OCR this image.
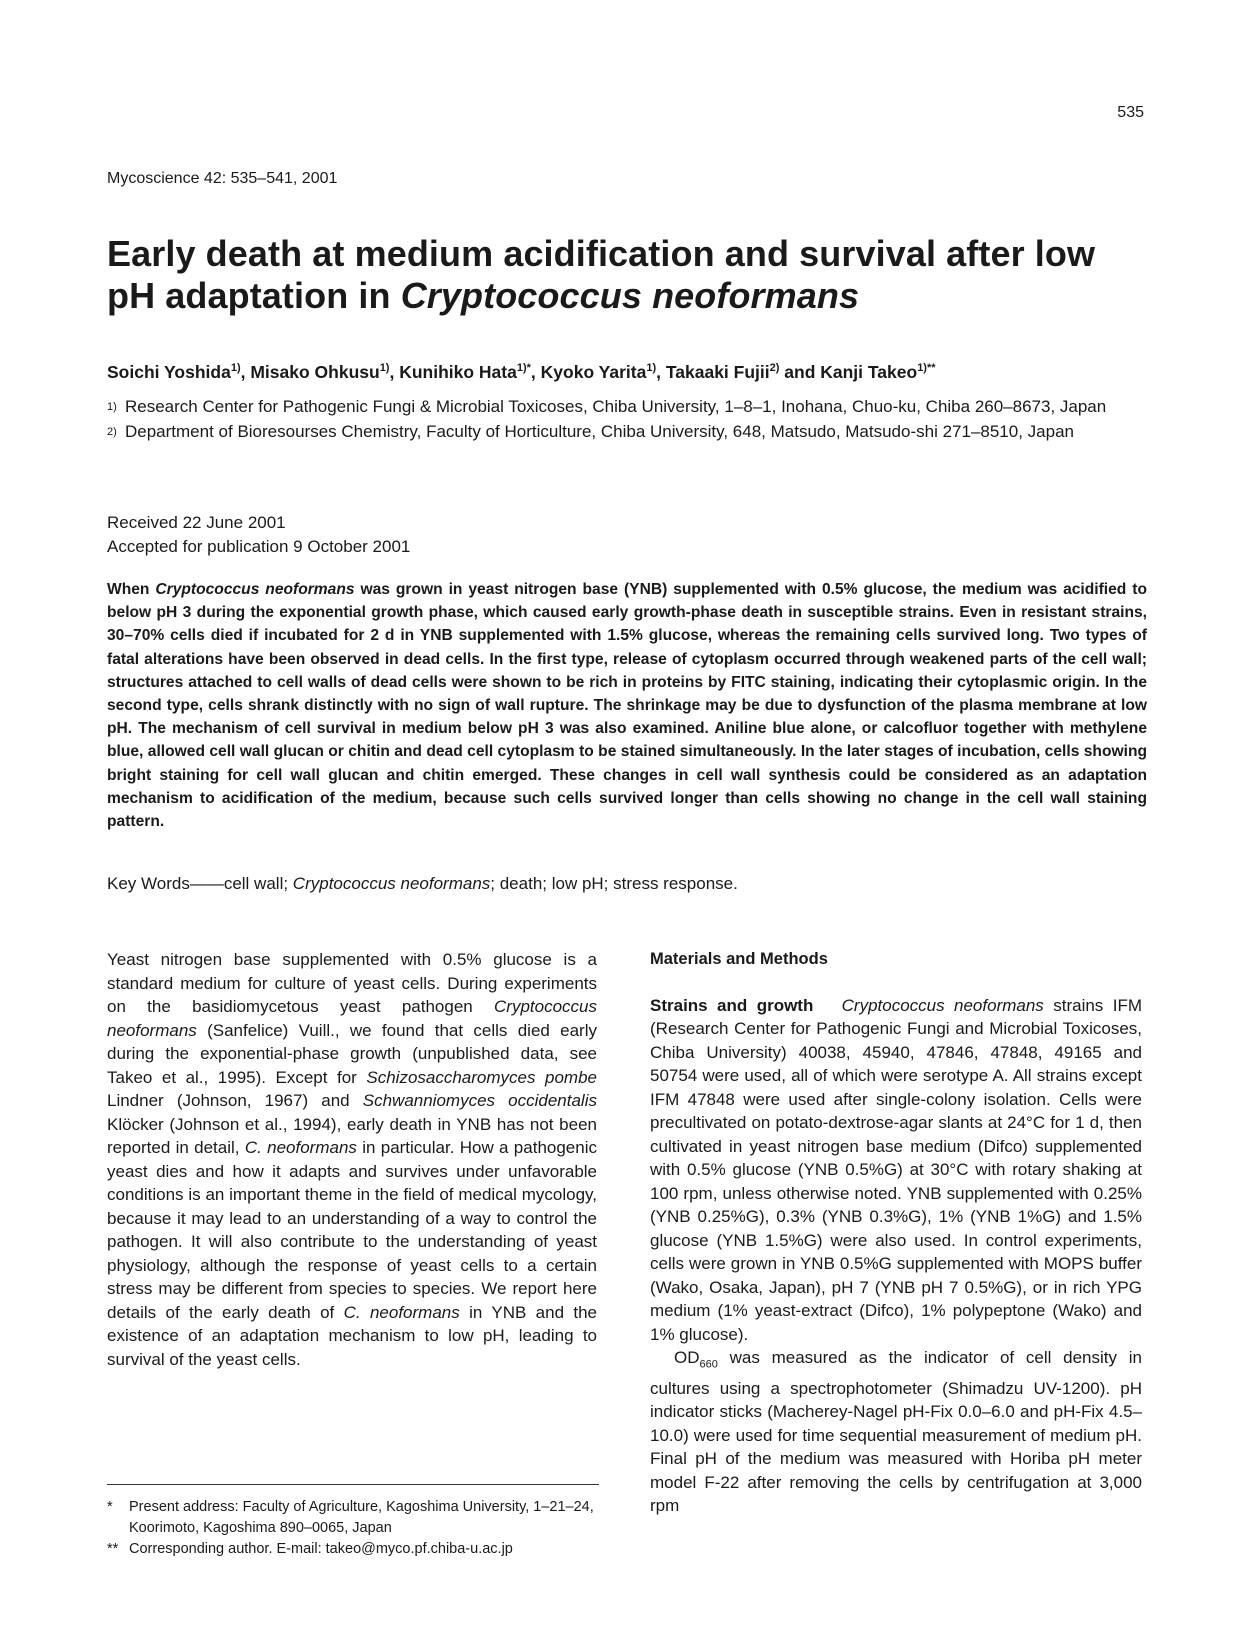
535
Mycoscience 42: 535–541, 2001
Early death at medium acidification and survival after low
pH adaptation in Cryptococcus neoformans
Soichi Yoshida$^{1)}$, Misako Ohkusu$^{1)}$, Kunihiko Hata$^{1)*}$, Kyoko Yarita$^{1)}$, Takaaki Fujii$^{2)}$ and Kanji Takeo$^{1)**}$
1) Research Center for Pathogenic Fungi & Microbial Toxicoses, Chiba University, 1–8–1, Inohana, Chuo-ku, Chiba 260–8673, Japan
2) Department of Bioresourses Chemistry, Faculty of Horticulture, Chiba University, 648, Matsudo, Matsudo-shi 271–8510, Japan
Received 22 June 2001
Accepted for publication 9 October 2001
When Cryptococcus neoformans was grown in yeast nitrogen base (YNB) supplemented with 0.5% glucose, the medium was acidified to below pH 3 during the exponential growth phase, which caused early growth-phase death in susceptible strains. Even in resistant strains, 30–70% cells died if incubated for 2 d in YNB supplemented with 1.5% glucose, whereas the remaining cells survived long. Two types of fatal alterations have been observed in dead cells. In the first type, release of cytoplasm occurred through weakened parts of the cell wall; structures attached to cell walls of dead cells were shown to be rich in proteins by FITC staining, indicating their cytoplasmic origin. In the second type, cells shrank distinctly with no sign of wall rupture. The shrinkage may be due to dysfunction of the plasma membrane at low pH. The mechanism of cell survival in medium below pH 3 was also examined. Aniline blue alone, or calcofluor together with methylene blue, allowed cell wall glucan or chitin and dead cell cytoplasm to be stained simultaneously. In the later stages of incubation, cells showing bright staining for cell wall glucan and chitin emerged. These changes in cell wall synthesis could be considered as an adaptation mechanism to acidification of the medium, because such cells survived longer than cells showing no change in the cell wall staining pattern.
Key Words——cell wall; Cryptococcus neoformans; death; low pH; stress response.
Yeast nitrogen base supplemented with 0.5% glucose is a standard medium for culture of yeast cells. During experiments on the basidiomycetous yeast pathogen Cryptococcus neoformans (Sanfelice) Vuill., we found that cells died early during the exponential-phase growth (unpublished data, see Takeo et al., 1995). Except for Schizosaccharomyces pombe Lindner (Johnson, 1967) and Schwanniomyces occidentalis Klöcker (Johnson et al., 1994), early death in YNB has not been reported in detail, C. neoformans in particular. How a pathogenic yeast dies and how it adapts and survives under unfavorable conditions is an important theme in the field of medical mycology, because it may lead to an understanding of a way to control the pathogen. It will also contribute to the understanding of yeast physiology, although the response of yeast cells to a certain stress may be different from species to species. We report here details of the early death of C. neoformans in YNB and the existence of an adaptation mechanism to low pH, leading to survival of the yeast cells.
Materials and Methods
Strains and growth Cryptococcus neoformans strains IFM (Research Center for Pathogenic Fungi and Microbial Toxicoses, Chiba University) 40038, 45940, 47846, 47848, 49165 and 50754 were used, all of which were serotype A. All strains except IFM 47848 were used after single-colony isolation. Cells were precultivated on potato-dextrose-agar slants at 24°C for 1 d, then cultivated in yeast nitrogen base medium (Difco) supplemented with 0.5% glucose (YNB 0.5%G) at 30°C with rotary shaking at 100 rpm, unless otherwise noted. YNB supplemented with 0.25% (YNB 0.25%G), 0.3% (YNB 0.3%G), 1% (YNB 1%G) and 1.5% glucose (YNB 1.5%G) were also used. In control experiments, cells were grown in YNB 0.5%G supplemented with MOPS buffer (Wako, Osaka, Japan), pH 7 (YNB pH 7 0.5%G), or in rich YPG medium (1% yeast-extract (Difco), 1% polypeptone (Wako) and 1% glucose).
$OD_{660}$ was measured as the indicator of cell density in cultures using a spectrophotometer (Shimadzu UV-1200). pH indicator sticks (Macherey-Nagel pH-Fix 0.0–6.0 and pH-Fix 4.5–10.0) were used for time sequential measurement of medium pH. Final pH of the medium was measured with Horiba pH meter model F-22 after removing the cells by centrifugation at 3,000 rpm
*	Present address: Faculty of Agriculture, Kagoshima University, 1–21–24, Koorimoto, Kagoshima 890–0065, Japan
** Corresponding author. E-mail: takeo@myco.pf.chiba-u.ac.jp
